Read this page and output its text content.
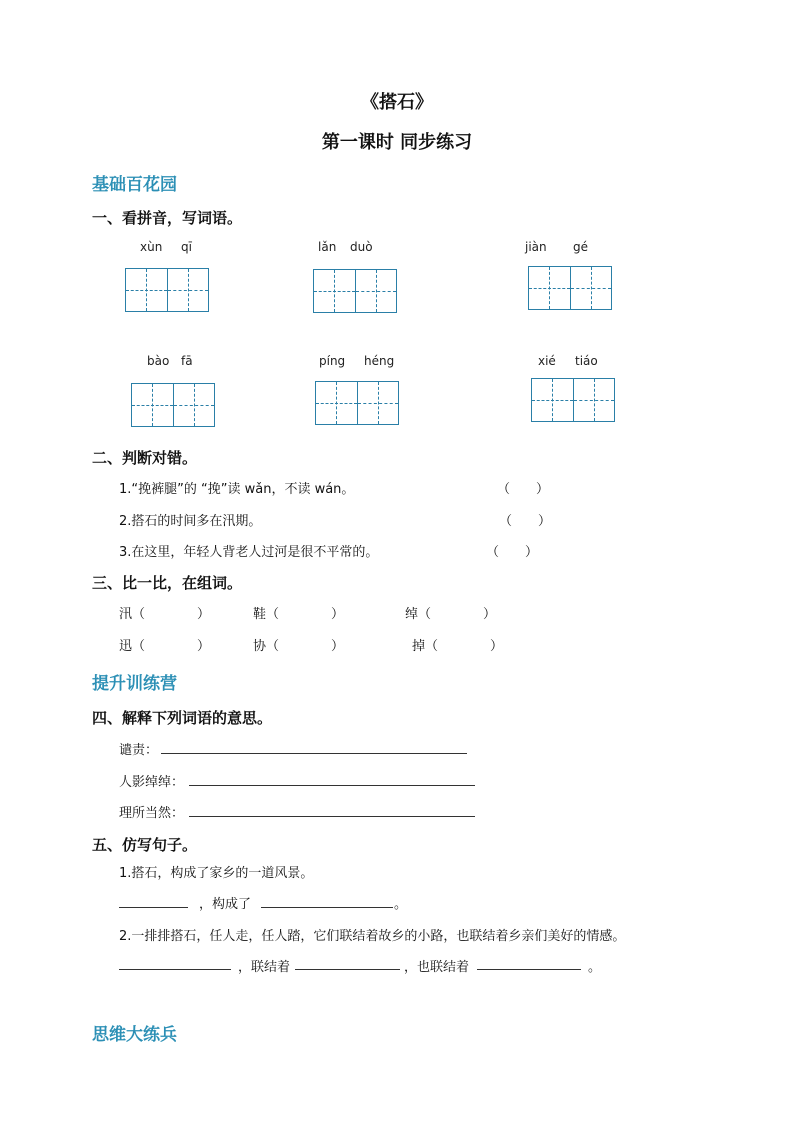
《搭石》
第一课时 同步练习
基础百花园
一、看拼音，写词语。
xùn qī	lǎn duò	jiàn gé
bào fā	píng héng	xié tiáo
二、判断对错。
1.“挽裤腿”的 “挽”读 wǎn，不读 wán。	（　　）
2.搭石的时间多在汛期。	（　　）
3.在这里，年轻人背老人过河是很不平常的。	（　　）
三、比一比，在组词。
汛（　　　　）	鞋（　　　　）	绰（　　　　）
迅（　　　　）	协（　　　　）	掉（　　　　）
提升训练营
四、解释下列词语的意思。
谴责：
人影绰绰：
理所当然：
五、仿写句子。
1.搭石，构成了家乡的一道风景。
，构成了	。
2.一排排搭石，任人走，任人踏，它们联结着故乡的小路，也联结着乡亲们美好的情感。
，联结着	，也联结着	。
思维大练兵
